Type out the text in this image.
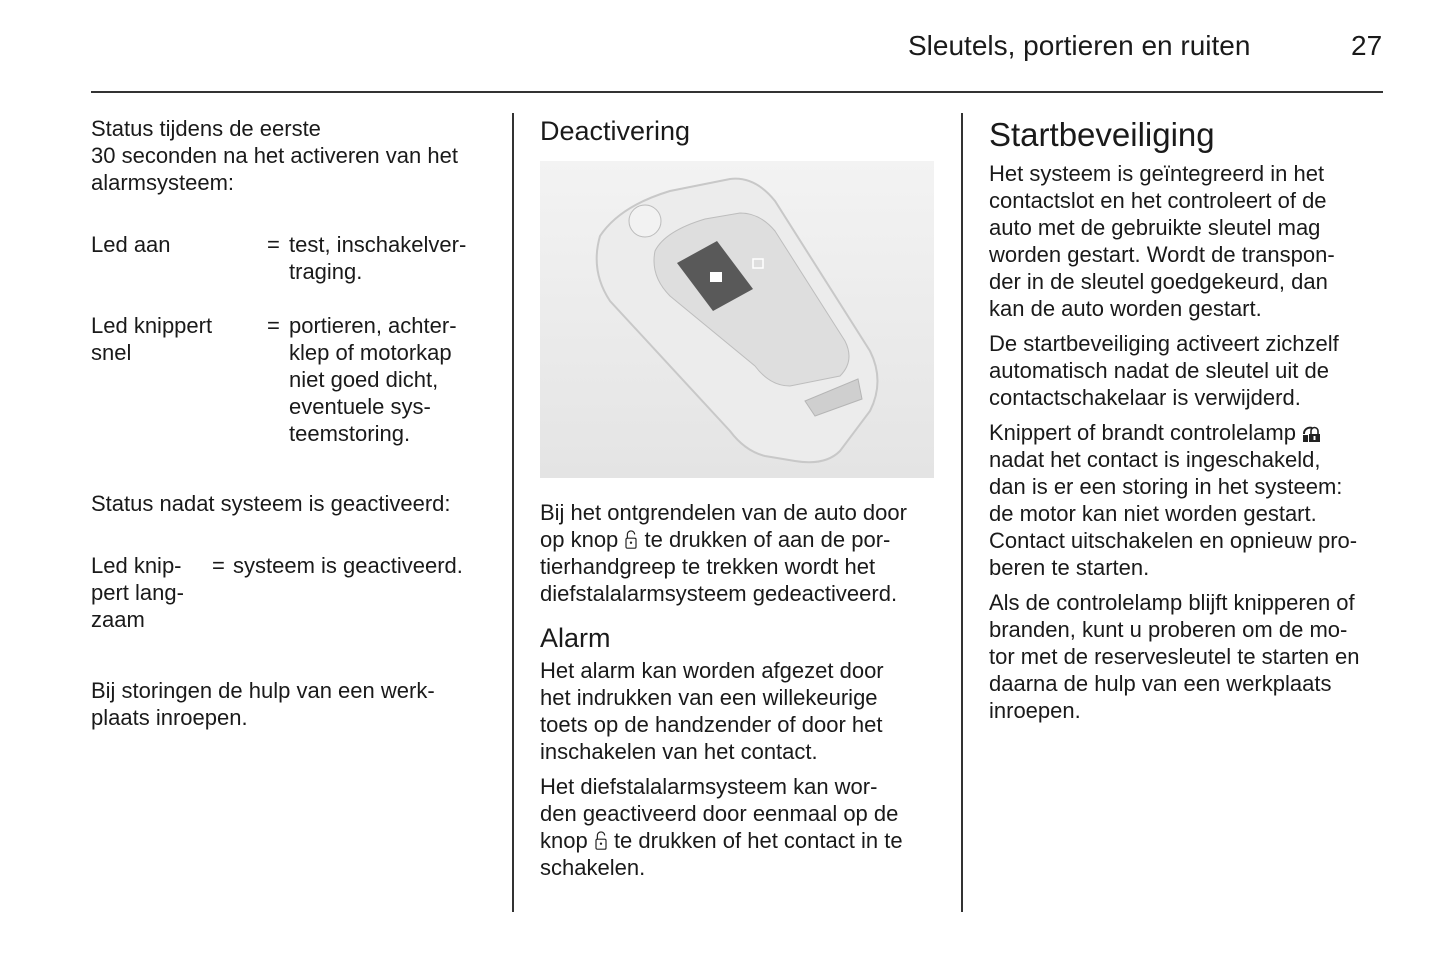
Sleutels, portieren en ruiten	27
Status tijdens de eerste
30 seconden na het activeren van het
alarmsysteem:

Led aan	= test, inschakelver-
traging.

Led knippert
snel
= portieren, achter-
klep of motorkap
niet goed dicht,
eventuele sys-
teemstoring.

Status nadat systeem is geactiveerd:

Led knip-
pert lang-
zaam
= systeem is geactiveerd.

Bij storingen de hulp van een werk-
plaats inroepen.
Deactivering
Bij het ontgrendelen van de auto door
op knop
te drukken of aan de por-
tierhandgreep te trekken wordt het
diefstalalarmsysteem gedeactiveerd.
Alarm
Het alarm kan worden afgezet door
het indrukken van een willekeurige
toets op de handzender of door het
inschakelen van het contact.
Het diefstalalarmsysteem kan wor-
den geactiveerd door eenmaal op de
knop
te drukken of het contact in te
schakelen.
Startbeveiliging
Het systeem is geïntegreerd in het
contactslot en het controleert of de
auto met de gebruikte sleutel mag
worden gestart. Wordt de transpon-
der in de sleutel goedgekeurd, dan
kan de auto worden gestart.
De startbeveiliging activeert zichzelf
automatisch nadat de sleutel uit de
contactschakelaar is verwijderd.
Knippert of brandt controlelamp

nadat het contact is ingeschakeld,
dan is er een storing in het systeem:
de motor kan niet worden gestart.
Contact uitschakelen en opnieuw pro-
beren te starten.
Als de controlelamp blijft knipperen of
branden, kunt u proberen om de mo-
tor met de reservesleutel te starten en
daarna de hulp van een werkplaats
inroepen.
